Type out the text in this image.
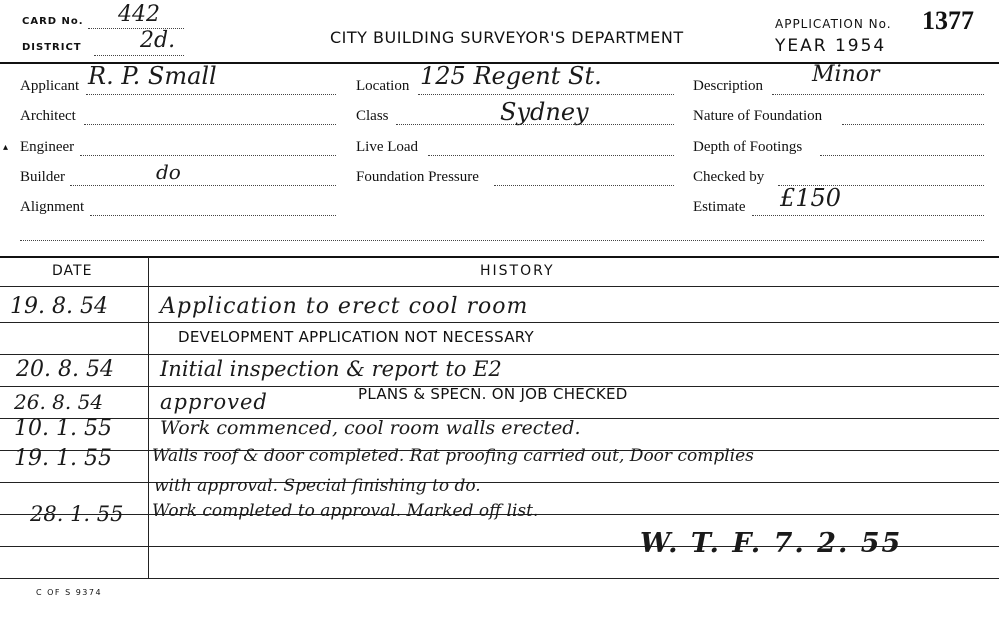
CARD No. 442
DISTRICT	2d.	CITY BUILDING SURVEYOR'S DEPARTMENT
APPLICATION No. 1377
YEAR 1954
Applicant R. P. Small
Architect
▴ Engineer
Builder	do
Alignment
Location 125 Regent St.
Class	Sydney
Live Load
Foundation Pressure
Description Minor
Nature of Foundation
Depth of Footings
Checked by
Estimate £150
DATE	HISTORY
19. 8. 54 Application to erect cool room
DEVELOPMENT APPLICATION NOT NECESSARY
20. 8. 54 Initial inspection & report to E2
26. 8. 54	approved	PLANS & SPECN. ON JOB CHECKED
10. 1. 55	Work commenced, cool room walls erected.
19. 1. 55 Walls roof & door completed. Rat proofing carried out, Door complies
with approval. Special finishing to do.
28. 1. 55 Work completed to approval. Marked off list.
W. T. F. 7. 2. 55
C OF S 9374
